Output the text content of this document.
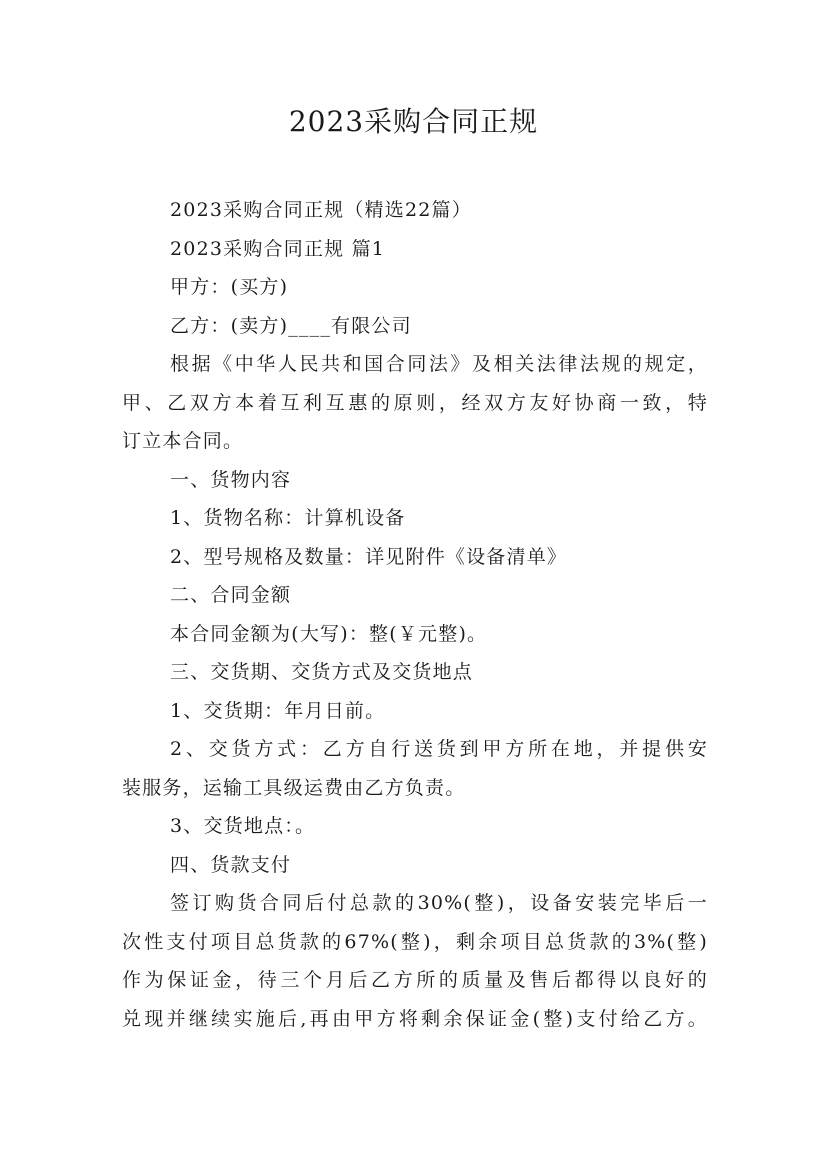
2023采购合同正规
2023采购合同正规（精选22篇）
2023采购合同正规 篇1
甲方：(买方)
乙方：(卖方)____有限公司
根据《中华人民共和国合同法》及相关法律法规的规定，
甲、乙双方本着互利互惠的原则，经双方友好协商一致，特
订立本合同。
一、货物内容
1、货物名称：计算机设备
2、型号规格及数量：详见附件《设备清单》
二、合同金额
本合同金额为(大写)：整(￥元整)。
三、交货期、交货方式及交货地点
1、交货期：年月日前。
2、交货方式：乙方自行送货到甲方所在地，并提供安
装服务，运输工具级运费由乙方负责。
3、交货地点：。
四、货款支付
签订购货合同后付总款的30%(整)，设备安装完毕后一
次性支付项目总货款的67%(整)，剩余项目总货款的3%(整)
作为保证金，待三个月后乙方所的质量及售后都得以良好的
兑现并继续实施后,再由甲方将剩余保证金(整)支付给乙方。
